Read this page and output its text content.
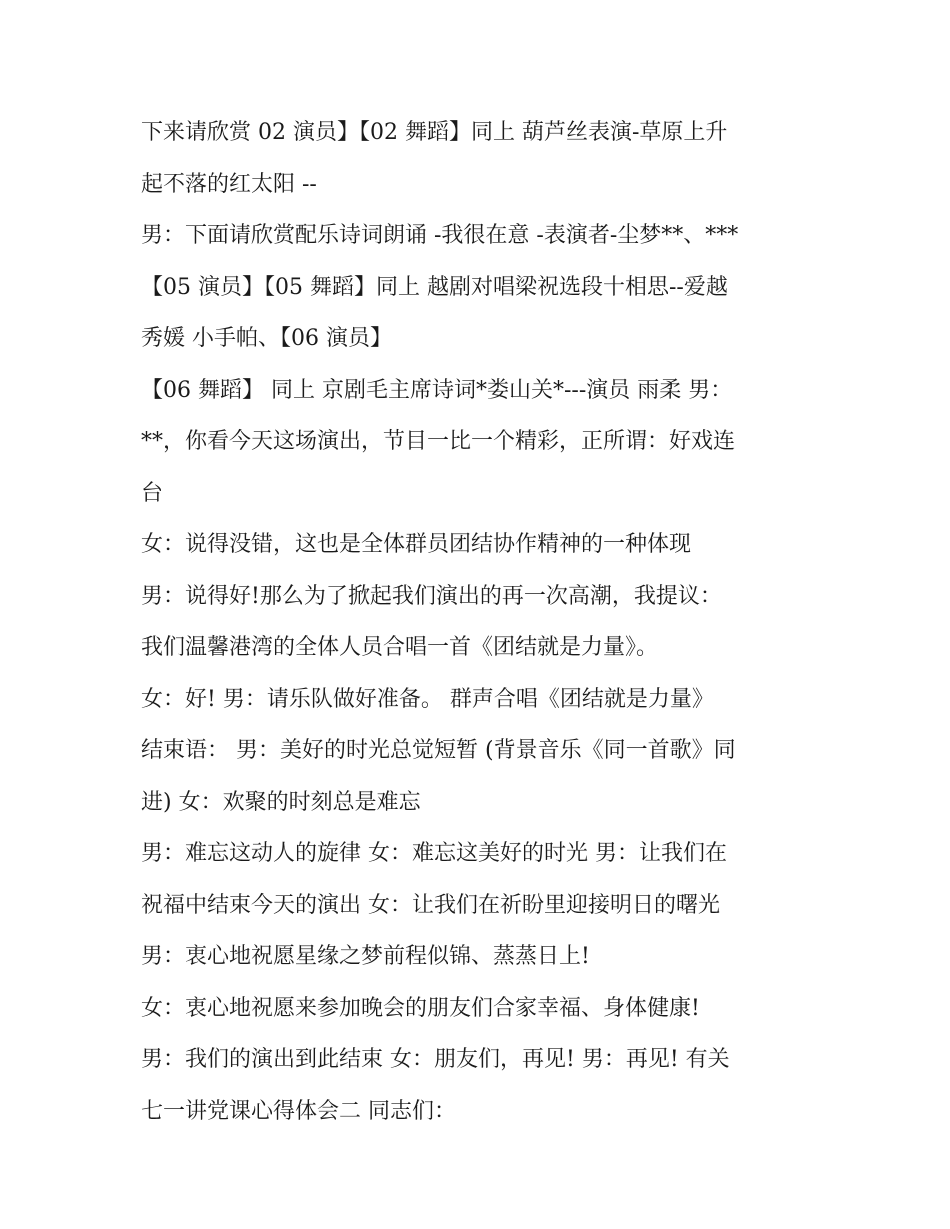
下来请欣赏 02 演员】【02 舞蹈】同上 葫芦丝表演-草原上升
起不落的红太阳 --
男：下面请欣赏配乐诗词朗诵 -我很在意 -表演者-尘梦**、***
【05 演员】【05 舞蹈】同上 越剧对唱梁祝选段十相思--爱越
秀媛 小手帕、【06 演员】
【06 舞蹈】 同上 京剧毛主席诗词*娄山关*---演员 雨柔 男：
**，你看今天这场演出，节目一比一个精彩，正所谓：好戏连
台
女：说得没错，这也是全体群员团结协作精神的一种体现
男：说得好!那么为了掀起我们演出的再一次高潮，我提议：
我们温馨港湾的全体人员合唱一首《团结就是力量》。
女：好! 男：请乐队做好准备。 群声合唱《团结就是力量》
结束语： 男：美好的时光总觉短暂 (背景音乐《同一首歌》同
进) 女：欢聚的时刻总是难忘
男：难忘这动人的旋律 女：难忘这美好的时光 男：让我们在
祝福中结束今天的演出 女：让我们在祈盼里迎接明日的曙光
男：衷心地祝愿星缘之梦前程似锦、蒸蒸日上!
女：衷心地祝愿来参加晚会的朋友们合家幸福、身体健康!
男：我们的演出到此结束 女：朋友们，再见! 男：再见! 有关
七一讲党课心得体会二 同志们：
